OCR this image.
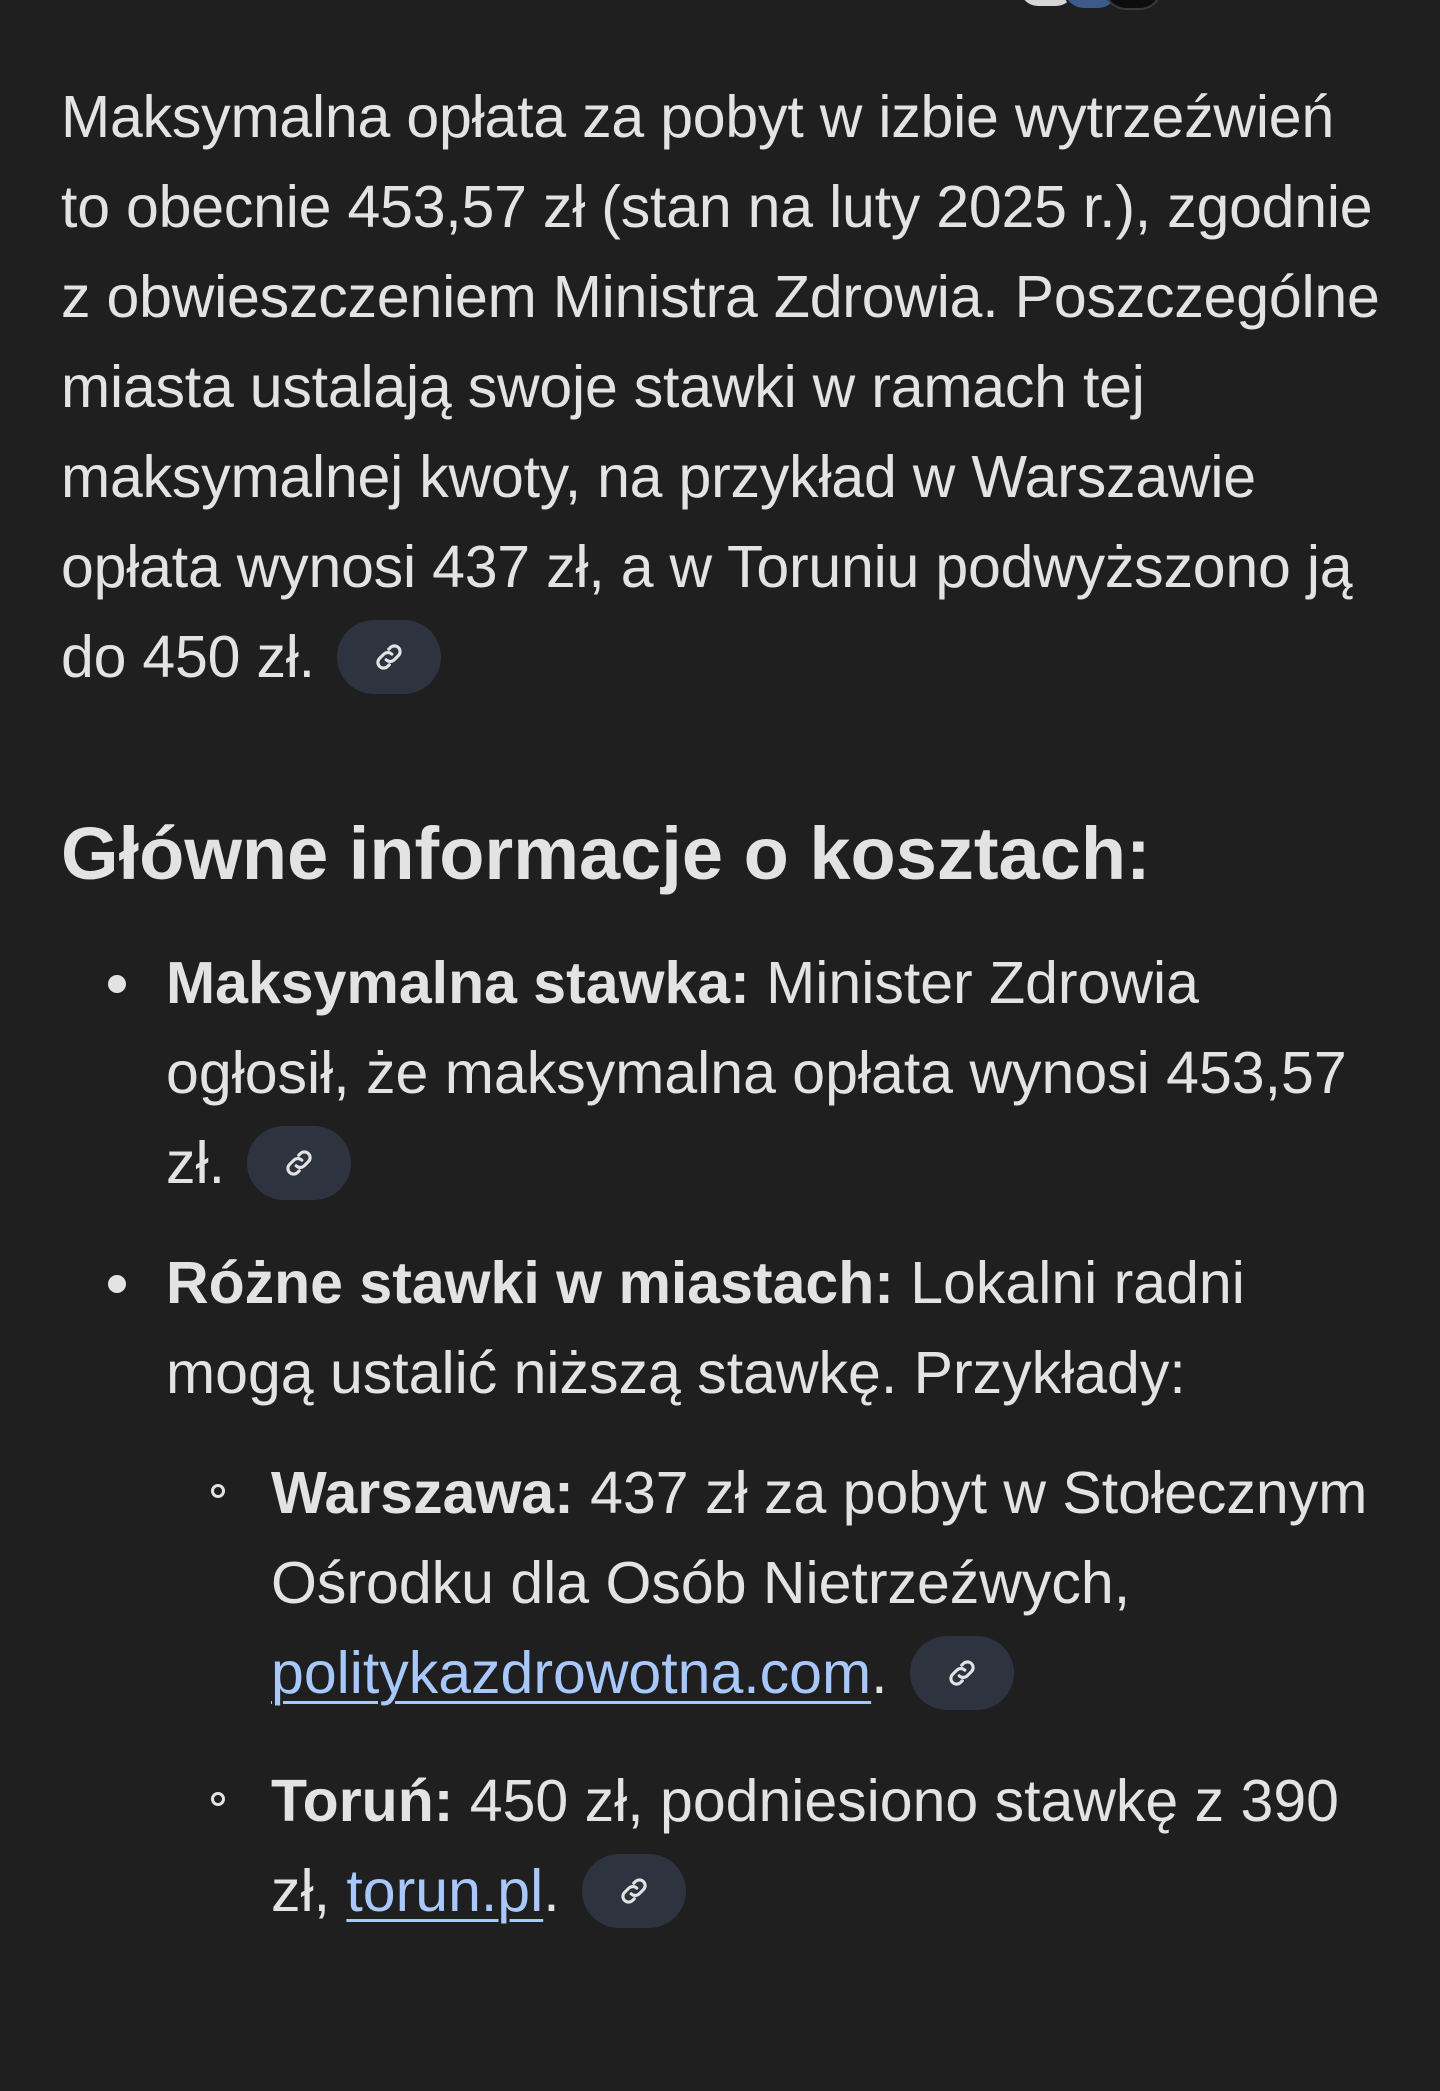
Maksymalna opłata za pobyt w izbie wytrzeźwień to obecnie 453,57 zł (stan na luty 2025 r.), zgodnie z obwieszczeniem Ministra Zdrowia. Poszczególne miasta ustalają swoje stawki w ramach tej maksymalnej kwoty, na przykład w Warszawie opłata wynosi 437 zł, a w Toruniu podwyższono ją do 450 zł.

Główne informacje o kosztach:
Maksymalna stawka: Minister Zdrowia ogłosił, że maksymalna opłata wynosi 453,57 zł.
Różne stawki w miastach: Lokalni radni mogą ustalić niższą stawkę. Przykłady:
Warszawa: 437 zł za pobyt w Stołecznym Ośrodku dla Osób Nietrzeźwych, politykazdrowotna.com.
Toruń: 450 zł, podniesiono stawkę z 390 zł, torun.pl.
